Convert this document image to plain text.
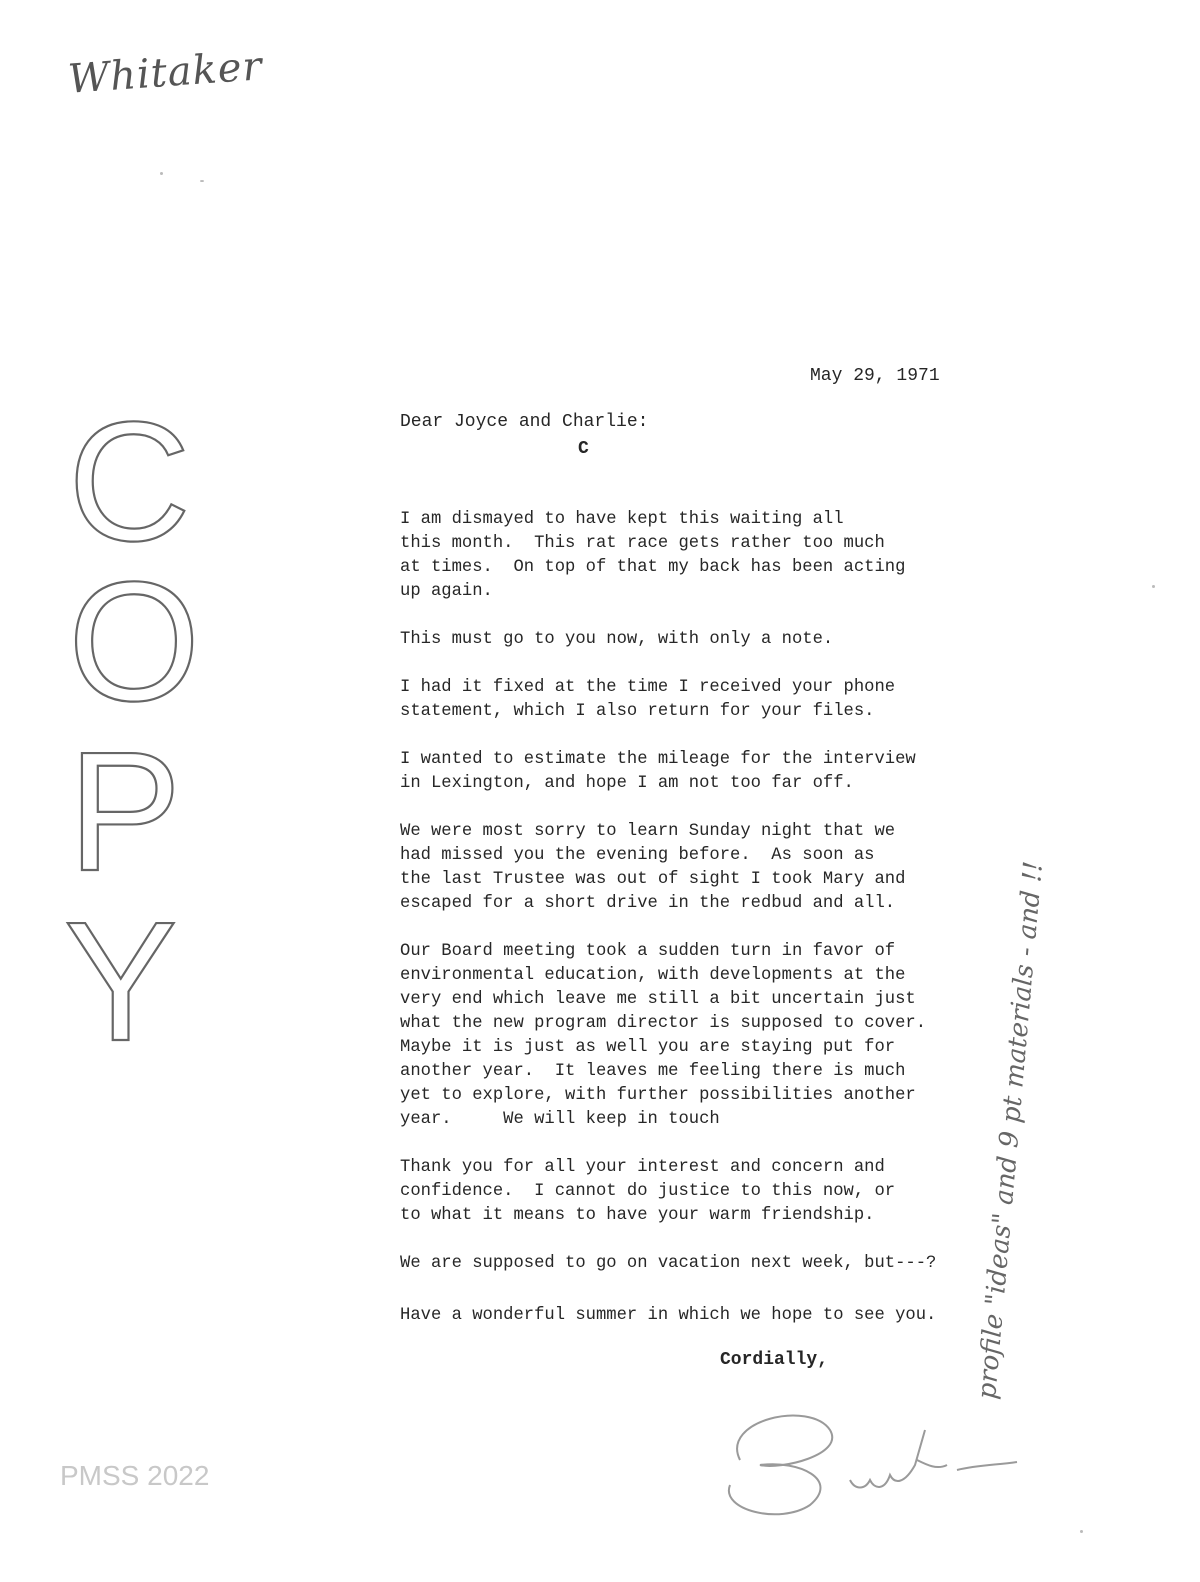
Whitaker
C
O
P
Y
May 29, 1971
Dear Joyce and Charlie:
C

I am dismayed to have kept this waiting all
this month.  This rat race gets rather too much
at times.  On top of that my back has been acting
up again.

This must go to you now, with only a note.

I had it fixed at the time I received your phone
statement, which I also return for your files.

I wanted to estimate the mileage for the interview
in Lexington, and hope I am not too far off.

We were most sorry to learn Sunday night that we
had missed you the evening before.  As soon as
the last Trustee was out of sight I took Mary and
escaped for a short drive in the redbud and all.

Our Board meeting took a sudden turn in favor of
environmental education, with developments at the
very end which leave me still a bit uncertain just
what the new program director is supposed to cover.
Maybe it is just as well you are staying put for
another year.  It leaves me feeling there is much
yet to explore, with further possibilities another
year.     We will keep in touch

Thank you for all your interest and concern and
confidence.  I cannot do justice to this now, or
to what it means to have your warm friendship.

We are supposed to go on vacation next week, but---?

Have a wonderful summer in which we hope to see you.

Cordially,	profile "ideas" and 9 pt materials - and !!
PMSS 2022
